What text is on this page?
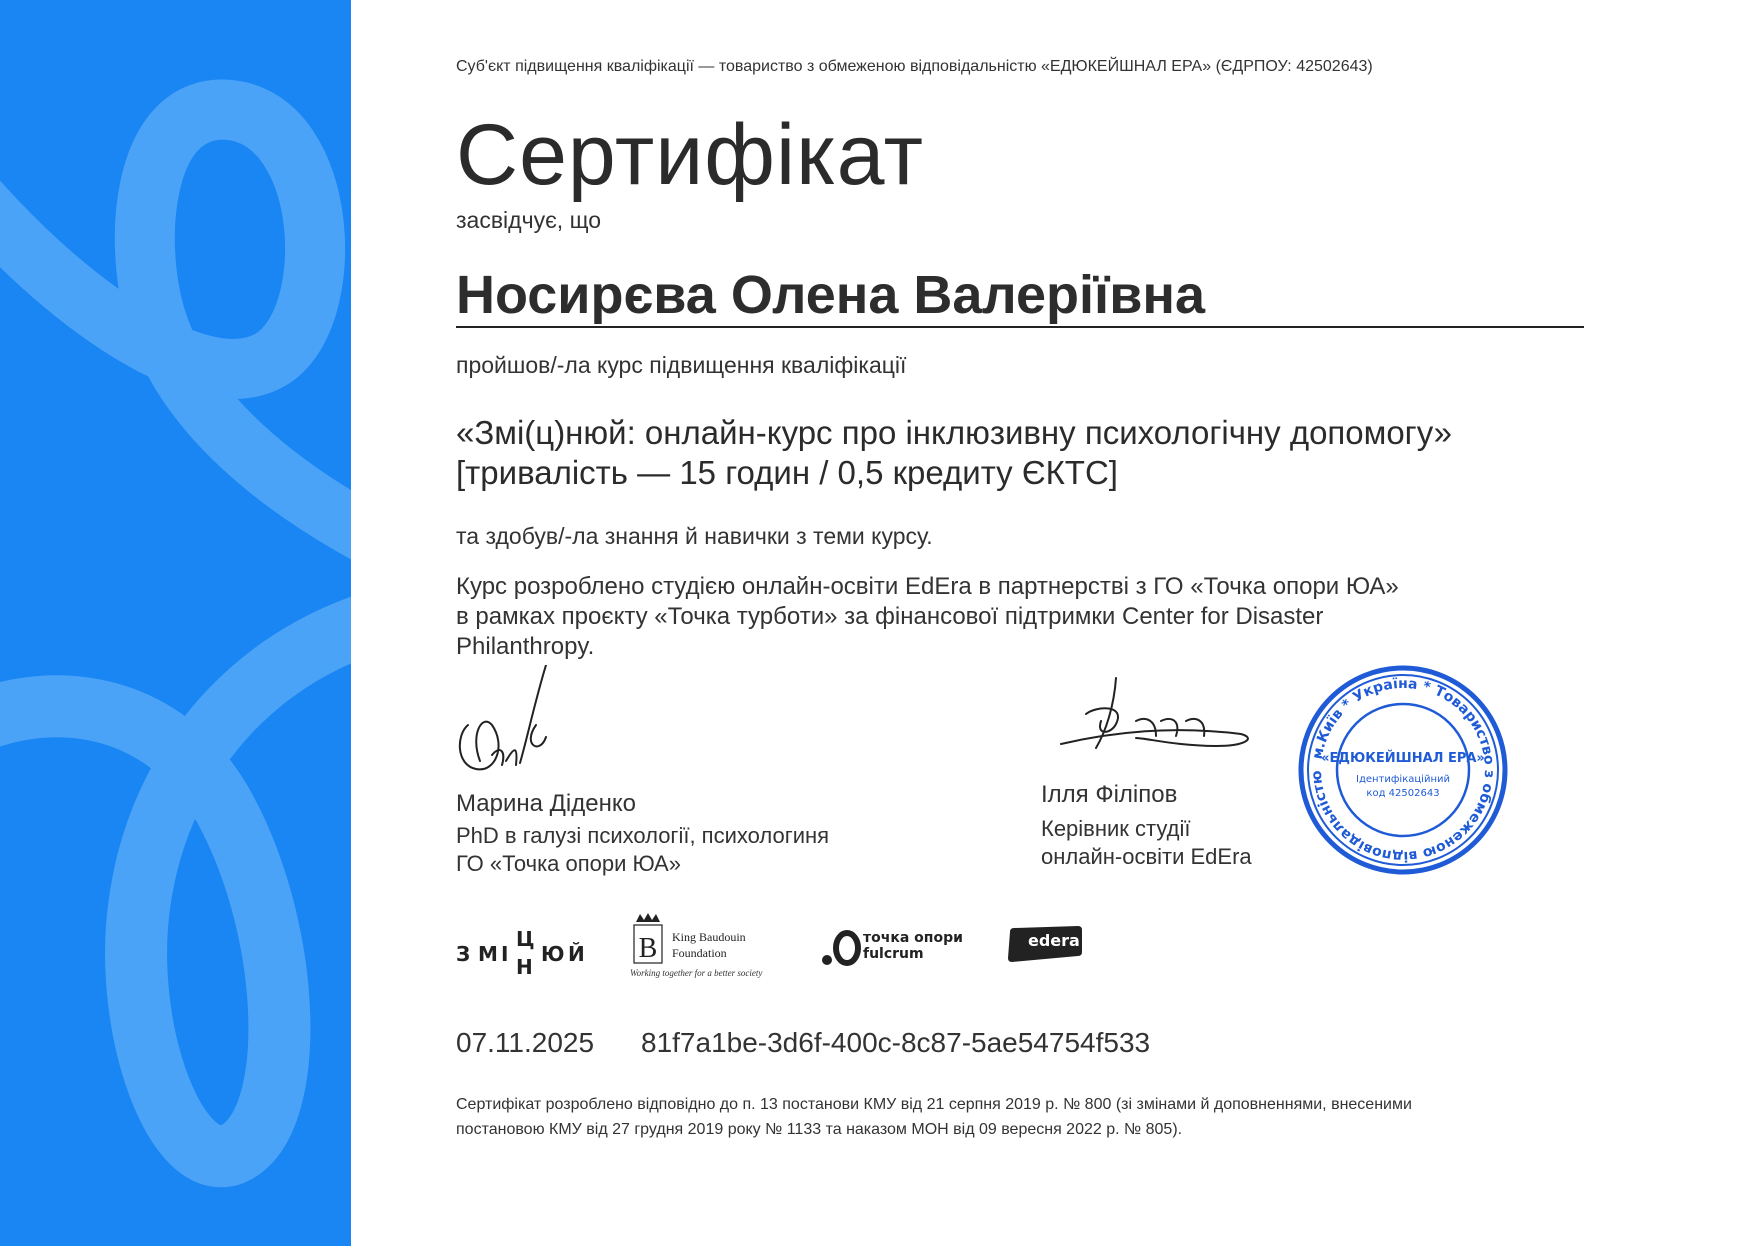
Суб'єкт підвищення кваліфікації — товариство з обмеженою відповідальністю «ЕДЮКЕЙШНАЛ ЕРА» (ЄДРПОУ: 42502643)
Сертифікат
засвідчує, що
Носирєва Олена Валеріївна
пройшов/-ла курс підвищення кваліфікації
«Змі(ц)нюй: онлайн-курс про інклюзивну психологічну допомогу»
[тривалість — 15 годин / 0,5 кредиту ЄКТС]
та здобув/-ла знання й навички з теми курсу.
Курс розроблено студією онлайн-освіти EdEra в партнерстві з ГО «Точка опори ЮА»
в рамках проєкту «Точка турботи» за фінансової підтримки Center for Disaster
Philanthropy.
Марина Діденко
PhD в галузі психології, психологиня
ГО «Точка опори ЮА»
Ілля Філіпов
Керівник студії
онлайн-освіти EdEra
м.Київ * Україна * Товариство з обмеженою відповідальністю
«ЕДЮКЕЙШНАЛ ЕРА»
Ідентифікаційний
код 42502643
З М І
Ц
Н
Ю Й B King Baudouin
Foundation
Working together for a better society
точка опори
fulcrum
edera
07.11.2025 81f7a1be-3d6f-400c-8c87-5ae54754f533
Сертифікат розроблено відповідно до п. 13 постанови КМУ від 21 серпня 2019 р. № 800 (зі змінами й доповненнями, внесеними
постановою КМУ від 27 грудня 2019 року № 1133 та наказом МОН від 09 вересня 2022 р. № 805).
